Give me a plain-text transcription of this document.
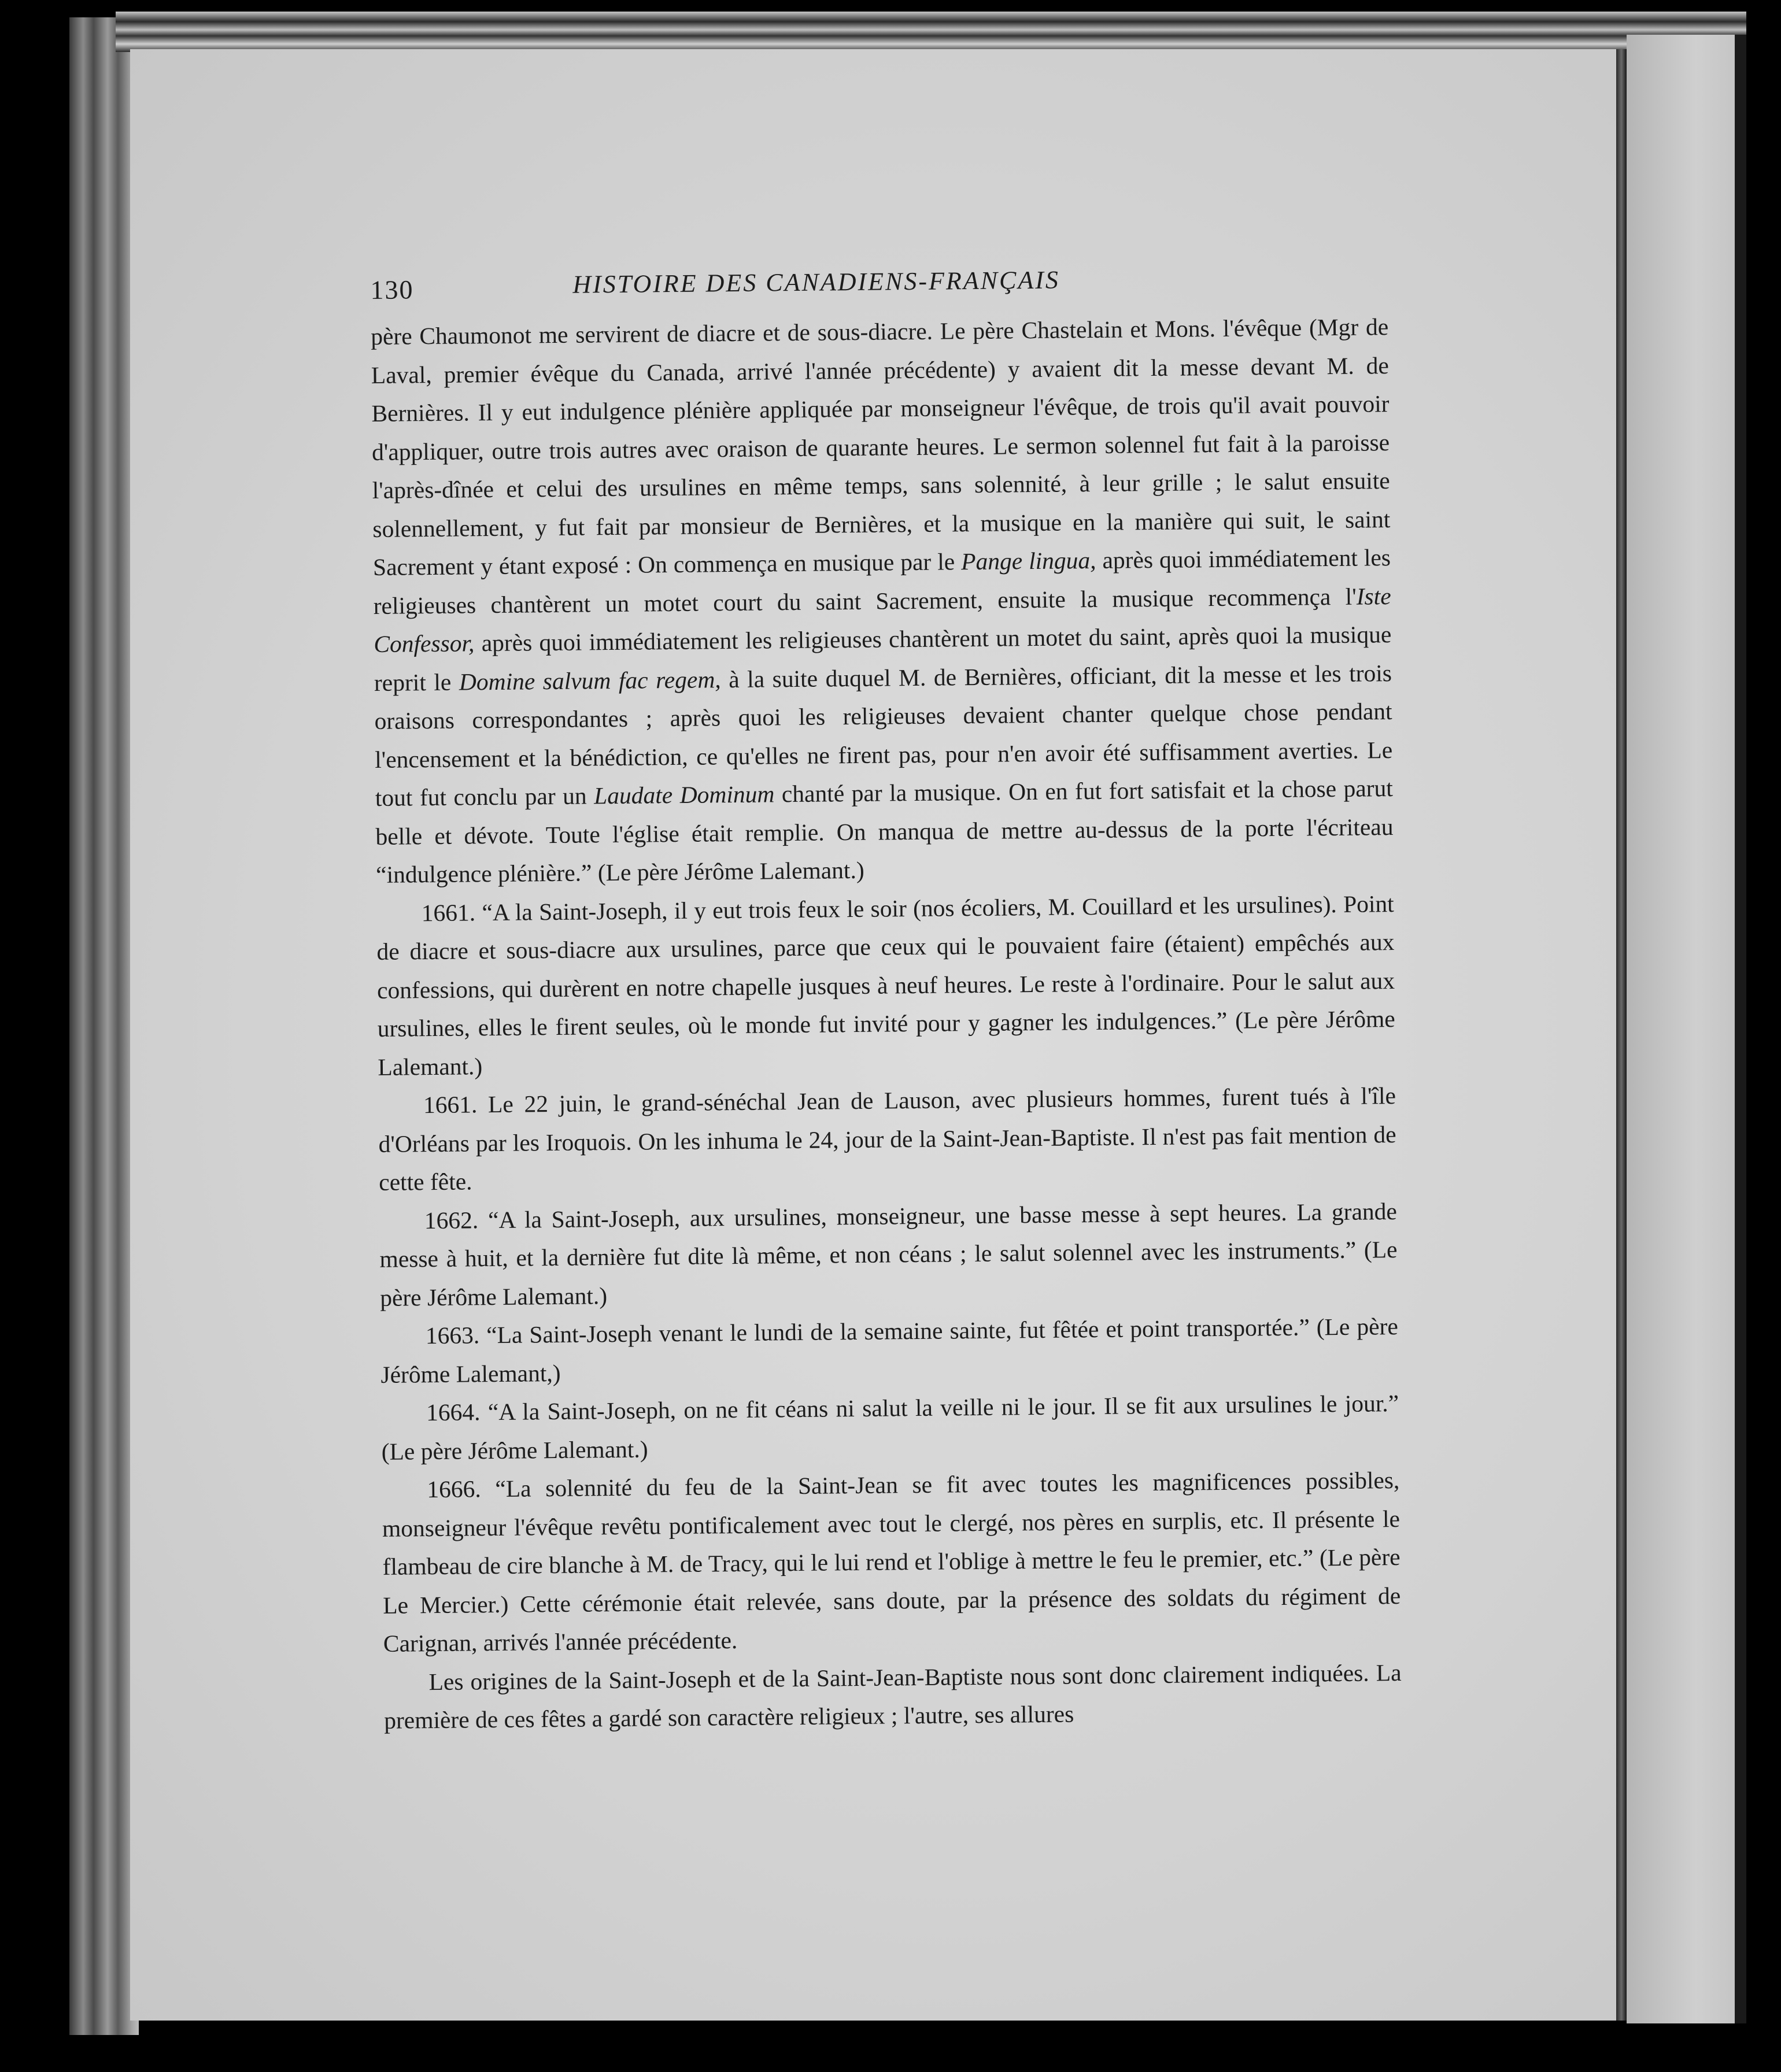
130	HISTOIRE DES CANADIENS-FRANÇAIS

père Chaumonot me servirent de diacre et de sous-diacre. Le père Chastelain et Mons. l'évêque (Mgr de Laval, premier évêque du Canada, arrivé l'année précédente) y avaient dit la messe devant M. de Bernières. Il y eut indulgence plénière appliquée par monseigneur l'évêque, de trois qu'il avait pouvoir d'appliquer, outre trois autres avec oraison de quarante heures. Le sermon solennel fut fait à la paroisse l'après-dînée et celui des ursulines en même temps, sans solennité, à leur grille ; le salut ensuite solennellement, y fut fait par monsieur de Bernières, et la musique en la manière qui suit, le saint Sacrement y étant exposé : On commença en musique par le Pange lingua, après quoi immédiatement les religieuses chantèrent un motet court du saint Sacrement, ensuite la musique recommença l'Iste Confessor, après quoi immédiatement les religieuses chantèrent un motet du saint, après quoi la musique reprit le Domine salvum fac regem, à la suite duquel M. de Bernières, officiant, dit la messe et les trois oraisons correspondantes ; après quoi les religieuses devaient chanter quelque chose pendant l'encensement et la bénédiction, ce qu'elles ne firent pas, pour n'en avoir été suffisamment averties. Le tout fut conclu par un Laudate Dominum chanté par la musique. On en fut fort satisfait et la chose parut belle et dévote. Toute l'église était remplie. On manqua de mettre au-dessus de la porte l'écriteau “indulgence plénière.” (Le père Jérôme Lalemant.)

1661. “A la Saint-Joseph, il y eut trois feux le soir (nos écoliers, M. Couillard et les ursulines). Point de diacre et sous-diacre aux ursulines, parce que ceux qui le pouvaient faire (étaient) empêchés aux confessions, qui durèrent en notre chapelle jusques à neuf heures. Le reste à l'ordinaire. Pour le salut aux ursulines, elles le firent seules, où le monde fut invité pour y gagner les indulgences.” (Le père Jérôme Lalemant.)

1661. Le 22 juin, le grand-sénéchal Jean de Lauson, avec plusieurs hommes, furent tués à l'île d'Orléans par les Iroquois. On les inhuma le 24, jour de la Saint-Jean-Baptiste. Il n'est pas fait mention de cette fête.

1662. “A la Saint-Joseph, aux ursulines, monseigneur, une basse messe à sept heures. La grande messe à huit, et la dernière fut dite là même, et non céans ; le salut solennel avec les instruments.” (Le père Jérôme Lalemant.)

1663. “La Saint-Joseph venant le lundi de la semaine sainte, fut fêtée et point transportée.” (Le père Jérôme Lalemant,)

1664. “A la Saint-Joseph, on ne fit céans ni salut la veille ni le jour. Il se fit aux ursulines le jour.” (Le père Jérôme Lalemant.)

1666. “La solennité du feu de la Saint-Jean se fit avec toutes les magnificences possibles, monseigneur l'évêque revêtu pontificalement avec tout le clergé, nos pères en surplis, etc. Il présente le flambeau de cire blanche à M. de Tracy, qui le lui rend et l'oblige à mettre le feu le premier, etc.” (Le père Le Mercier.) Cette cérémonie était relevée, sans doute, par la présence des soldats du régiment de Carignan, arrivés l'année précédente.

Les origines de la Saint-Joseph et de la Saint-Jean-Baptiste nous sont donc clairement indiquées. La première de ces fêtes a gardé son caractère religieux ; l'autre, ses allures
